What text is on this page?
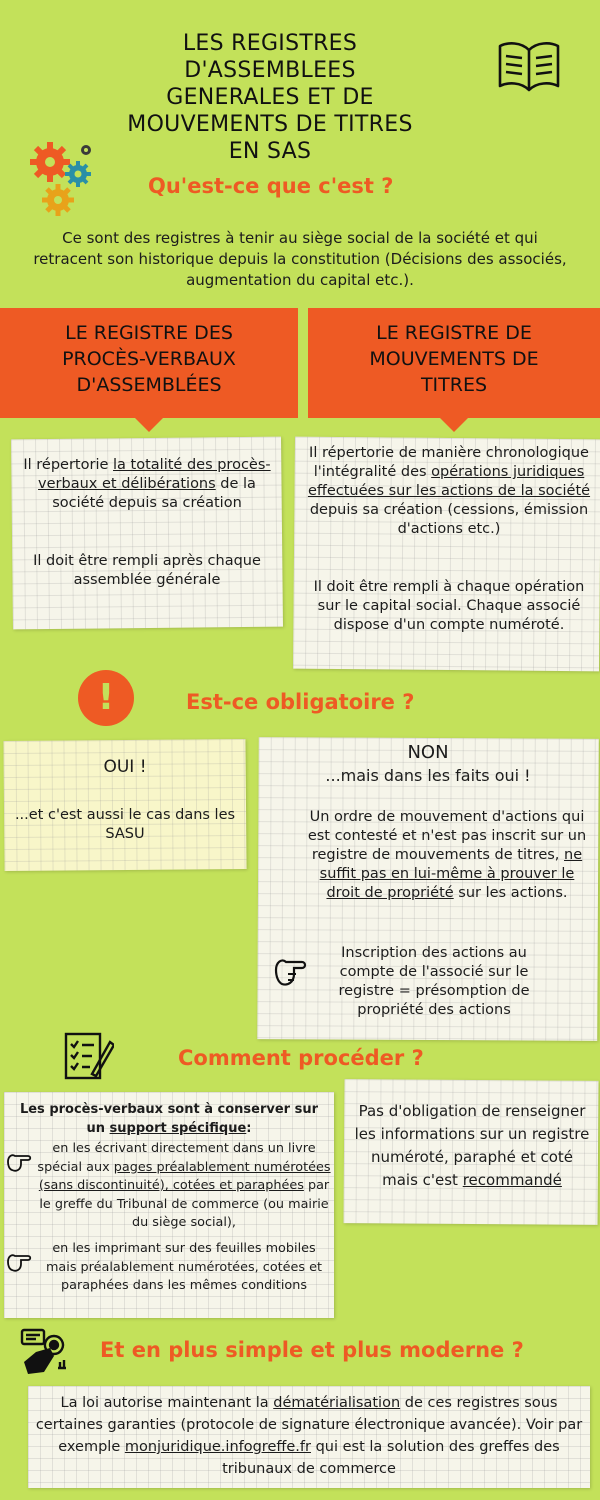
LES REGISTRES D'ASSEMBLEES GENERALES ET DE MOUVEMENTS DE TITRES EN SAS
Qu'est-ce que c'est ?
Ce sont des registres à tenir au siège social de la société et qui retracent son historique depuis la constitution (Décisions des associés, augmentation du capital etc.).
LE REGISTRE DES PROCÈS-VERBAUX D'ASSEMBLÉES
LE REGISTRE DE MOUVEMENTS DE TITRES
Il répertorie la totalité des procès-verbaux et délibérations de la société depuis sa création
Il doit être rempli après chaque assemblée générale
Il répertorie de manière chronologique l'intégralité des opérations juridiques effectuées sur les actions de la société depuis sa création (cessions, émission d'actions etc.)
Il doit être rempli à chaque opération sur le capital social. Chaque associé dispose d'un compte numéroté.
!	Est-ce obligatoire ?
OUI !
...et c'est aussi le cas dans les SASU
NON
...mais dans les faits oui !
Un ordre de mouvement d'actions qui est contesté et n'est pas inscrit sur un registre de mouvements de titres, ne suffit pas en lui-même à prouver le droit de propriété sur les actions.
Inscription des actions au compte de l'associé sur le registre = présomption de propriété des actions
Comment procéder ?
Les procès-verbaux sont à conserver sur un support spécifique:
en les écrivant directement dans un livre spécial aux pages préalablement numérotées (sans discontinuité), cotées et paraphées par le greffe du Tribunal de commerce (ou mairie du siège social),
en les imprimant sur des feuilles mobiles mais préalablement numérotées, cotées et paraphées dans les mêmes conditions
Pas d'obligation de renseigner les informations sur un registre numéroté, paraphé et coté mais c'est recommandé
Et en plus simple et plus moderne ?
La loi autorise maintenant la dématérialisation de ces registres sous certaines garanties (protocole de signature électronique avancée). Voir par exemple monjuridique.infogreffe.fr qui est la solution des greffes des tribunaux de commerce
